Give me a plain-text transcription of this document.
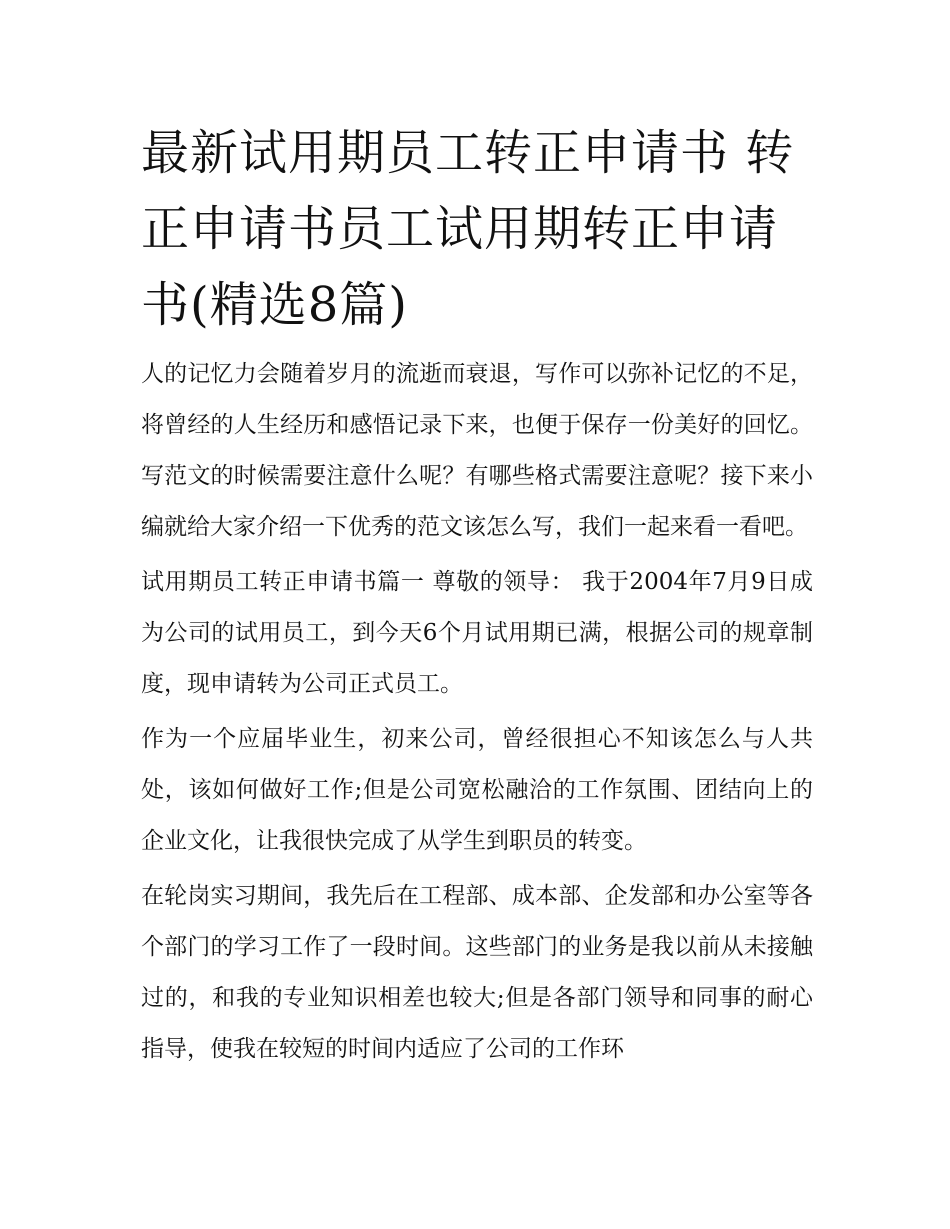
最新试用期员工转正申请书 转正申请书员工试用期转正申请书(精选8篇)

人的记忆力会随着岁月的流逝而衰退，写作可以弥补记忆的不足，将曾经的人生经历和感悟记录下来，也便于保存一份美好的回忆。写范文的时候需要注意什么呢？有哪些格式需要注意呢？接下来小编就给大家介绍一下优秀的范文该怎么写，我们一起来看一看吧。

试用期员工转正申请书篇一 尊敬的领导： 我于2004年7月9日成为公司的试用员工，到今天6个月试用期已满，根据公司的规章制度，现申请转为公司正式员工。

作为一个应届毕业生，初来公司，曾经很担心不知该怎么与人共处，该如何做好工作;但是公司宽松融洽的工作氛围、团结向上的企业文化，让我很快完成了从学生到职员的转变。

在轮岗实习期间，我先后在工程部、成本部、企发部和办公室等各个部门的学习工作了一段时间。这些部门的业务是我以前从未接触过的，和我的专业知识相差也较大;但是各部门领导和同事的耐心指导，使我在较短的时间内适应了公司的工作环
